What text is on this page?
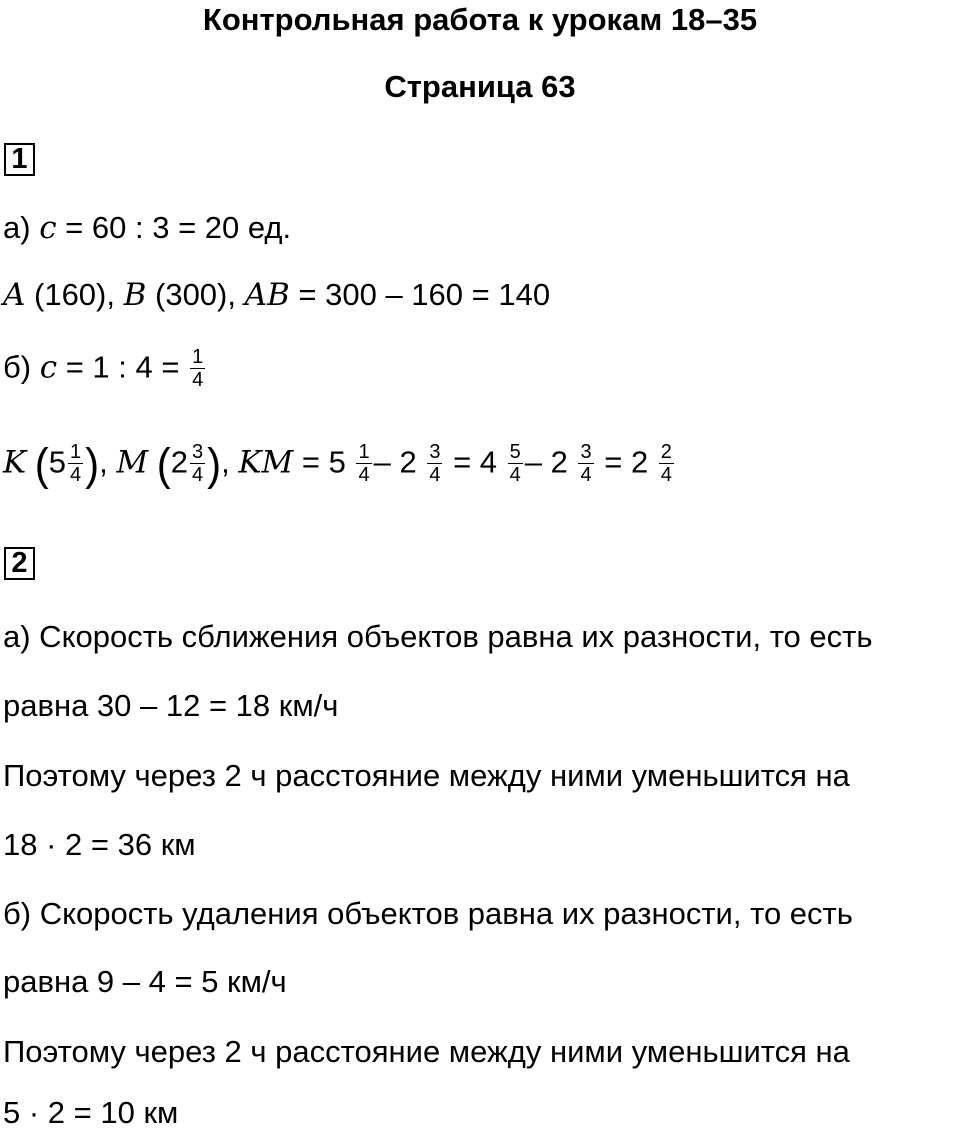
Контрольная работа к урокам 18–35
Страница 63
1
а) c = 60 : 3 = 20 ед.
A (160), B (300), AB = 300 – 160 = 140
б) c = 1 : $4 = \frac{1}{4}$
K ($5 \frac{1}{4}$ ), M ($2 \frac{3}{4}$ ), KM = $5 \frac{1}{4} - 2 \frac{3}{4} = 4 \frac{5}{4} - 2 \frac{3}{4} = 2 \frac{2}{4}$
2
а) Скорость сближения объектов равна их разности, то есть
равна 30 – 12 = 18 км/ч
Поэтому через 2 ч расстояние между ними уменьшится на
18 · 2 = 36 км
б) Скорость удаления объектов равна их разности, то есть
равна 9 – 4 = 5 км/ч
Поэтому через 2 ч расстояние между ними уменьшится на
5 · 2 = 10 км
